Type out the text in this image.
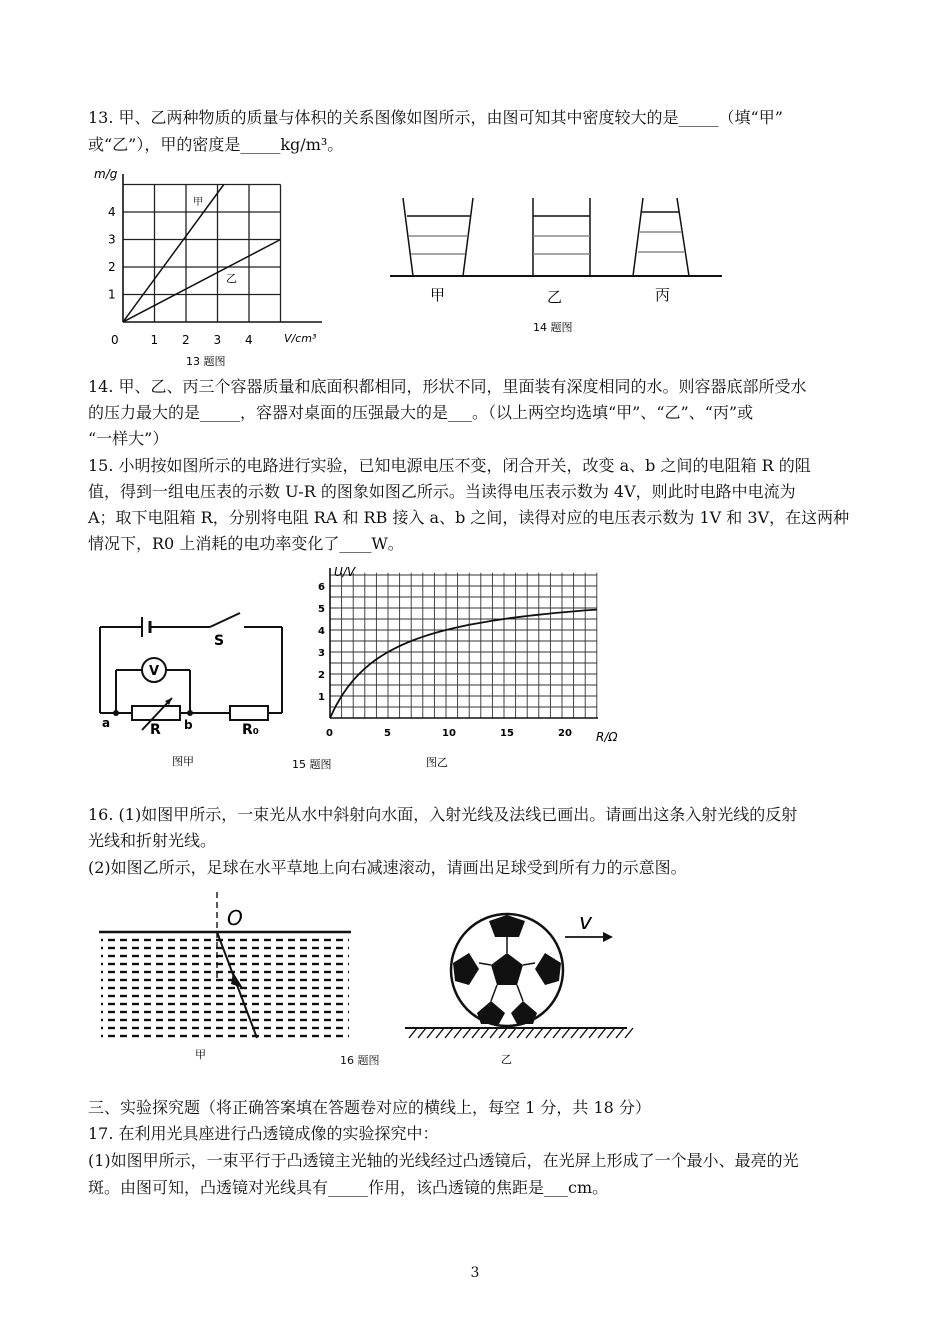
13. 甲、乙两种物质的质量与体积的关系图像如图所示，由图可知其中密度较大的是_____（填“甲”
或“乙”），甲的密度是_____kg/m³。
m/g
V/cm³
1
2
3
4
0	1 2 3 4
甲
乙
13 题图
甲	乙	丙
14 题图
14. 甲、乙、丙三个容器质量和底面积都相同，形状不同，里面装有深度相同的水。则容器底部所受水
的压力最大的是_____，容器对桌面的压强最大的是___。（以上两空均选填“甲”、“乙”、“丙”或
“一样大”）
15. 小明按如图所示的电路进行实验，已知电源电压不变，闭合开关，改变 a、b 之间的电阻箱 R 的阻
值，得到一组电压表的示数 U-R 的图象如图乙所示。当读得电压表示数为 4V，则此时电路中电流为
A；取下电阻箱 R，分别将电阻 RA 和 RB 接入 a、b 之间，读得对应的电压表示数为 1V 和 3V，在这两种
情况下，R0 上消耗的电功率变化了____W。
S
V
a	b
R	R₀
图甲
U/V
R/Ω
1
2
3
4
5
6
0	5	10	15	20
15 题图	图乙
16. (1)如图甲所示，一束光从水中斜射向水面，入射光线及法线已画出。请画出这条入射光线的反射
光线和折射光线。
(2)如图乙所示，足球在水平草地上向右减速滚动，请画出足球受到所有力的示意图。
O
甲	16 题图
v
乙
三、实验探究题（将正确答案填在答题卷对应的横线上，每空 1 分，共 18 分）
17. 在利用光具座进行凸透镜成像的实验探究中：
(1)如图甲所示，一束平行于凸透镜主光轴的光线经过凸透镜后，在光屏上形成了一个最小、最亮的光
斑。由图可知，凸透镜对光线具有_____作用，该凸透镜的焦距是___cm。
3
